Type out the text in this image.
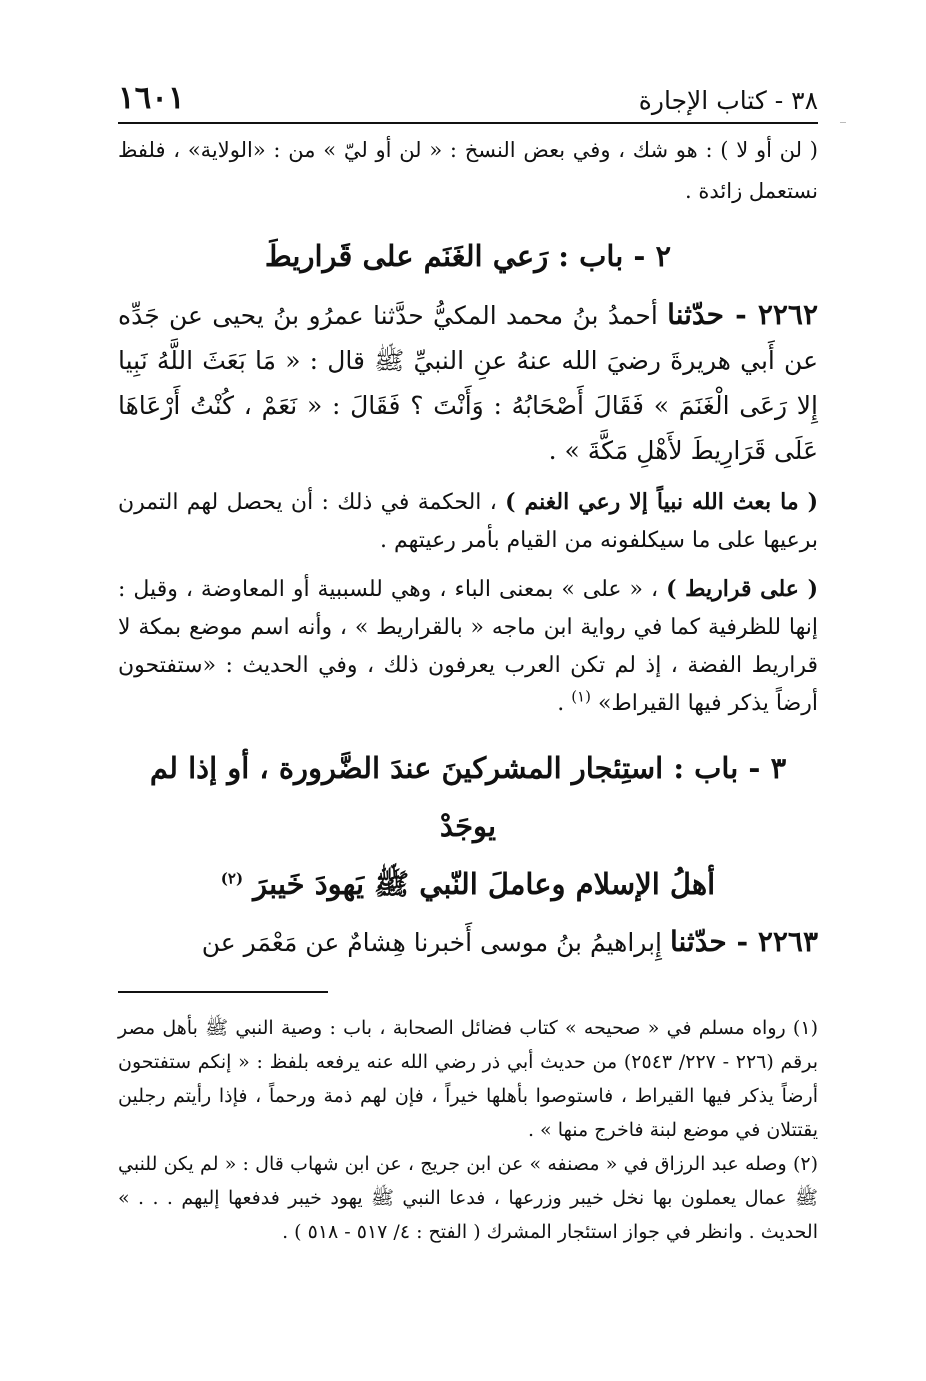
٣٨ - كتاب الإجارة
١٦٠١

( لن أو لا ) : هو شك ، وفي بعض النسخ : « لن أو ليّ » من : «الولاية» ، فلفظ نستعمل زائدة .

٢ - باب : رَعي الغَنَم على قَراريطَ

٢٢٦٢ - حدّثنا أحمدُ بنُ محمد المكيُّ حدَّثنا عمرُو بنُ يحيى عن جَدِّه عن أَبي هريرةَ رضيَ الله عنهُ عنِ النبيِّ ﷺ قال : « مَا بَعَثَ اللَّهُ نَبِيا إِلا رَعَى الْغَنَمَ » فَقَالَ أَصْحَابُهُ : وَأَنْتَ ؟ فَقَالَ : « نَعَمْ ، كُنْتُ أَرْعَاهَا عَلَى قَرَارِيطَ لأَهْلِ مَكَّةَ » .

( ما بعث الله نبياً إلا رعي الغنم ) ، الحكمة في ذلك : أن يحصل لهم التمرن برعيها على ما سيكلفونه من القيام بأمر رعيتهم .

( على قراريط ) ، « على » بمعنى الباء ، وهي للسببية أو المعاوضة ، وقيل : إنها للظرفية كما في رواية ابن ماجه « بالقراريط » ، وأنه اسم موضع بمكة لا قراريط الفضة ، إذ لم تكن العرب يعرفون ذلك ، وفي الحديث : «ستفتحون أرضاً يذكر فيها القيراط» $^{(١)}$ .

٣ - باب : استِئجار المشركينَ عندَ الضَّرورة ، أو إذا لم يوجَدْ
أهلُ الإسلام وعاملَ النّبي ﷺ يَهودَ خَيبرَ $^{(٢)}$

٢٢٦٣ - حدّثنا إِبراهيمُ بنُ موسى أَخبرنا هِشامٌ عن مَعْمَر عن

(١) رواه مسلم في « صحيحه » كتاب فضائل الصحابة ، باب : وصية النبي ﷺ بأهل مصر برقم (٢٢٦ - ٢٢٧/ ٢٥٤٣) من حديث أبي ذر رضي الله عنه يرفعه بلفظ : « إنكم ستفتحون أرضاً يذكر فيها القيراط ، فاستوصوا بأهلها خيراً ، فإن لهم ذمة ورحماً ، فإذا رأيتم رجلين يقتتلان في موضع لبنة فاخرج منها » .

(٢) وصله عبد الرزاق في « مصنفه » عن ابن جريج ، عن ابن شهاب قال : « لم يكن للنبي ﷺ عمال يعملون بها نخل خيبر وزرعها ، فدعا النبي ﷺ يهود خيبر فدفعها إليهم . . . » الحديث . وانظر في جواز استئجار المشرك ( الفتح : ٤/ ٥١٧ - ٥١٨ ) .
